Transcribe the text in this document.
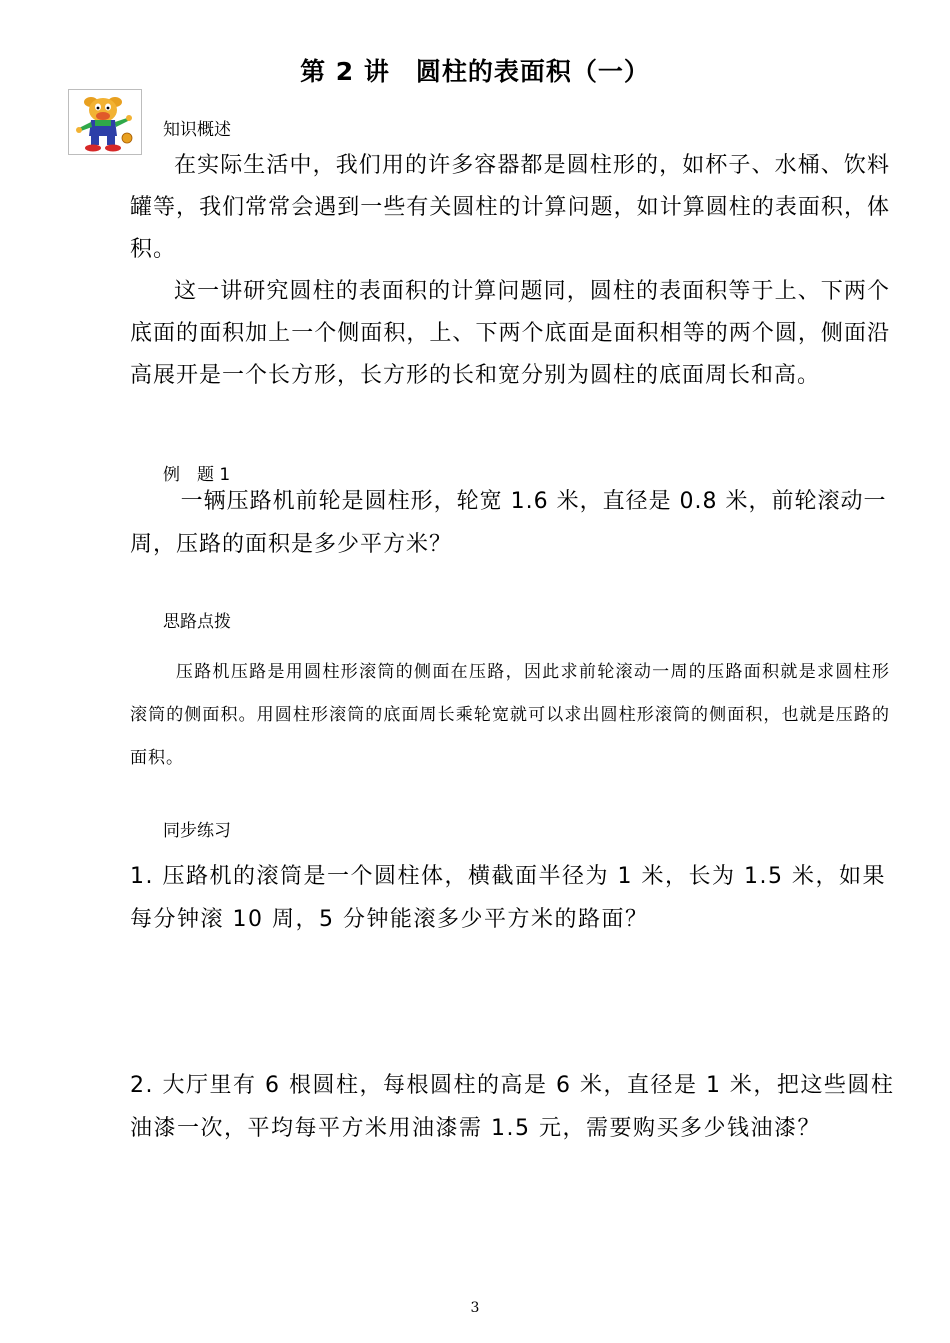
第 2 讲　圆柱的表面积（一）
知识概述

在实际生活中，我们用的许多容器都是圆柱形的，如杯子、水桶、饮料罐等，我们常常会遇到一些有关圆柱的计算问题，如计算圆柱的表面积，体积。

这一讲研究圆柱的表面积的计算问题同，圆柱的表面积等于上、下两个底面的面积加上一个侧面积，上、下两个底面是面积相等的两个圆，侧面沿高展开是一个长方形，长方形的长和宽分别为圆柱的底面周长和高。

例　题 1

一辆压路机前轮是圆柱形，轮宽 1.6 米，直径是 0.8 米，前轮滚动一周，压路的面积是多少平方米？

思路点拨

压路机压路是用圆柱形滚筒的侧面在压路，因此求前轮滚动一周的压路面积就是求圆柱形滚筒的侧面积。用圆柱形滚筒的底面周长乘轮宽就可以求出圆柱形滚筒的侧面积，也就是压路的面积。

同步练习

1. 压路机的滚筒是一个圆柱体，横截面半径为 1 米，长为 1.5 米，如果每分钟滚 10 周，5 分钟能滚多少平方米的路面？

2. 大厅里有 6 根圆柱，每根圆柱的高是 6 米，直径是 1 米，把这些圆柱油漆一次，平均每平方米用油漆需 1.5 元，需要购买多少钱油漆？

3
